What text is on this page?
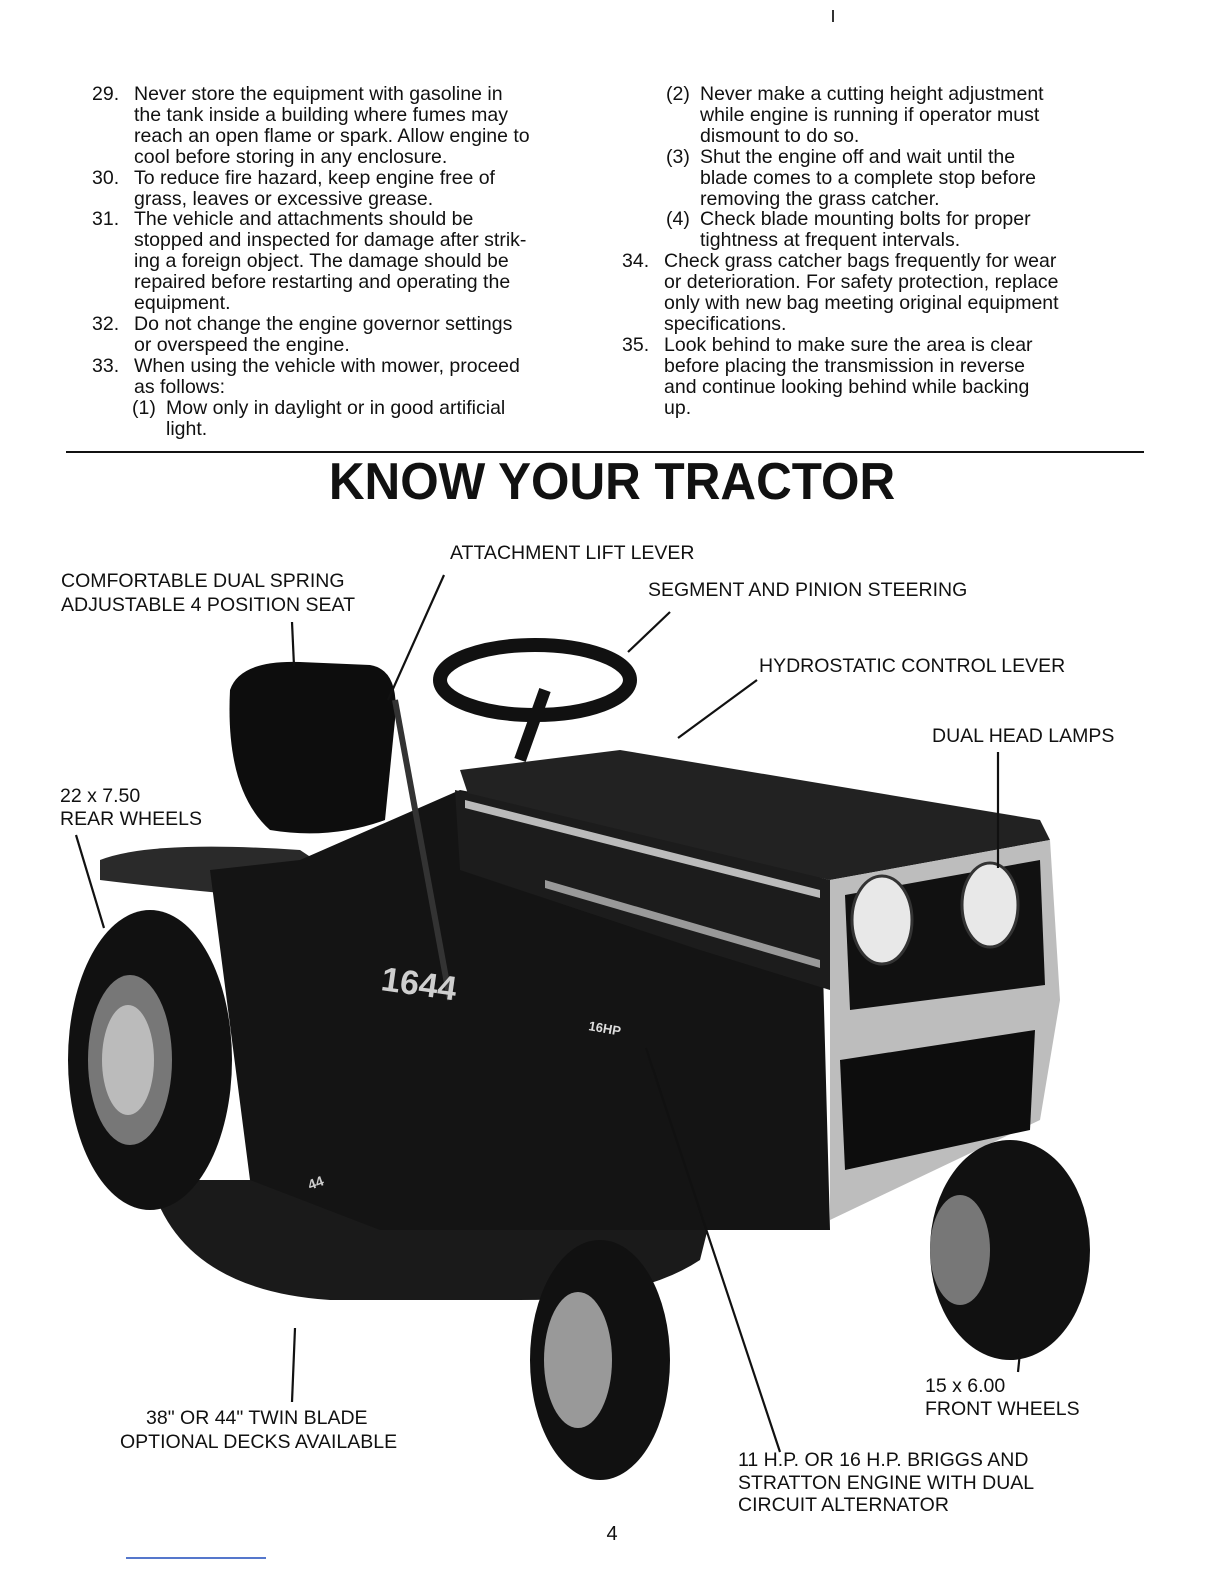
29. Never store the equipment with gasoline in
the tank inside a building where fumes may
reach an open flame or spark. Allow engine to
cool before storing in any enclosure.
30. To reduce fire hazard, keep engine free of
grass, leaves or excessive grease.
31. The vehicle and attachments should be
stopped and inspected for damage after strik-
ing a foreign object. The damage should be
repaired before restarting and operating the
equipment.
32. Do not change the engine governor settings
or overspeed the engine.
33. When using the vehicle with mower, proceed
as follows:
(1) Mow only in daylight or in good artificial
light.
(2) Never make a cutting height adjustment
while engine is running if operator must
dismount to do so.
(3) Shut the engine off and wait until the
blade comes to a complete stop before
removing the grass catcher.
(4) Check blade mounting bolts for proper
tightness at frequent intervals.
34. Check grass catcher bags frequently for wear
or deterioration. For safety protection, replace
only with new bag meeting original equipment
specifications.
35. Look behind to make sure the area is clear
before placing the transmission in reverse
and continue looking behind while backing
up.
KNOW YOUR TRACTOR
1644
16HP
44
ATTACHMENT LIFT LEVER
COMFORTABLE DUAL SPRING
ADJUSTABLE 4 POSITION SEAT
SEGMENT AND PINION STEERING
HYDROSTATIC CONTROL LEVER
DUAL HEAD LAMPS
22 x 7.50
REAR WHEELS
38" OR 44" TWIN BLADE
OPTIONAL DECKS AVAILABLE
15 x 6.00
FRONT WHEELS
11 H.P. OR 16 H.P. BRIGGS AND
STRATTON ENGINE WITH DUAL
CIRCUIT ALTERNATOR
4
